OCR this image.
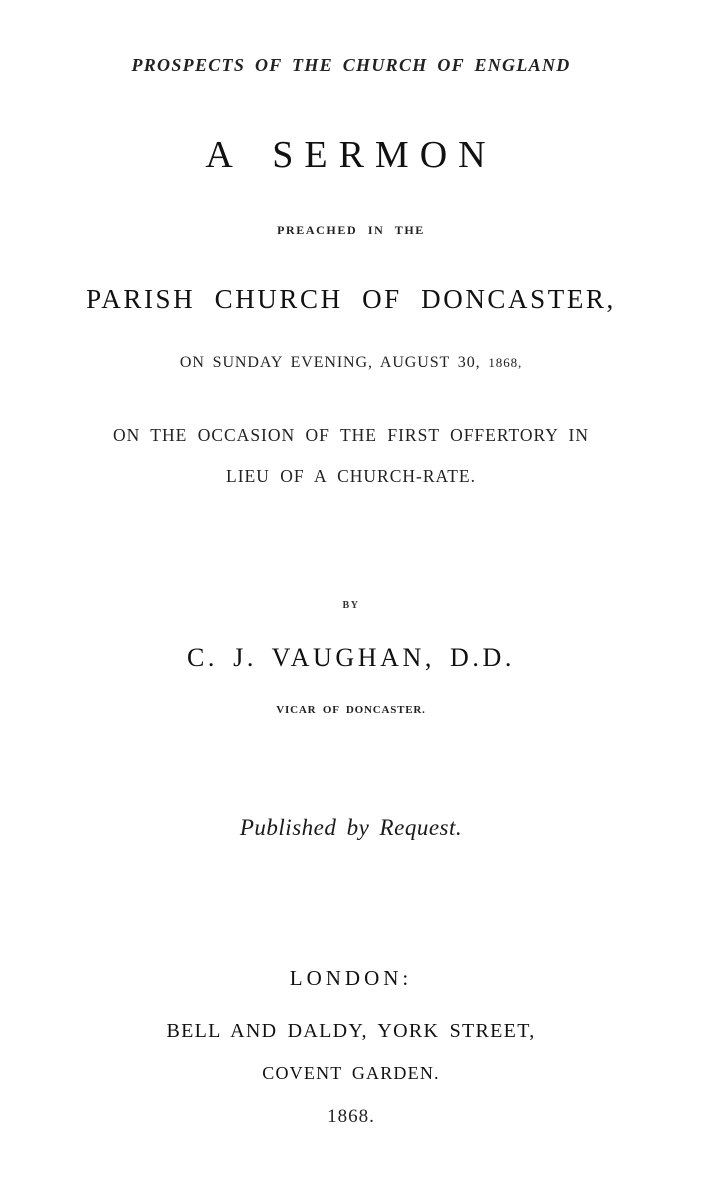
PROSPECTS OF THE CHURCH OF ENGLAND
A SERMON
PREACHED IN THE
PARISH CHURCH OF DONCASTER,
ON SUNDAY EVENING, AUGUST 30, 1868,
ON THE OCCASION OF THE FIRST OFFERTORY IN
LIEU OF A CHURCH-RATE.
BY
C. J. VAUGHAN, D.D.
VICAR OF DONCASTER.
Published by Request.
LONDON:
BELL AND DALDY, YORK STREET,
COVENT GARDEN.
1868.
